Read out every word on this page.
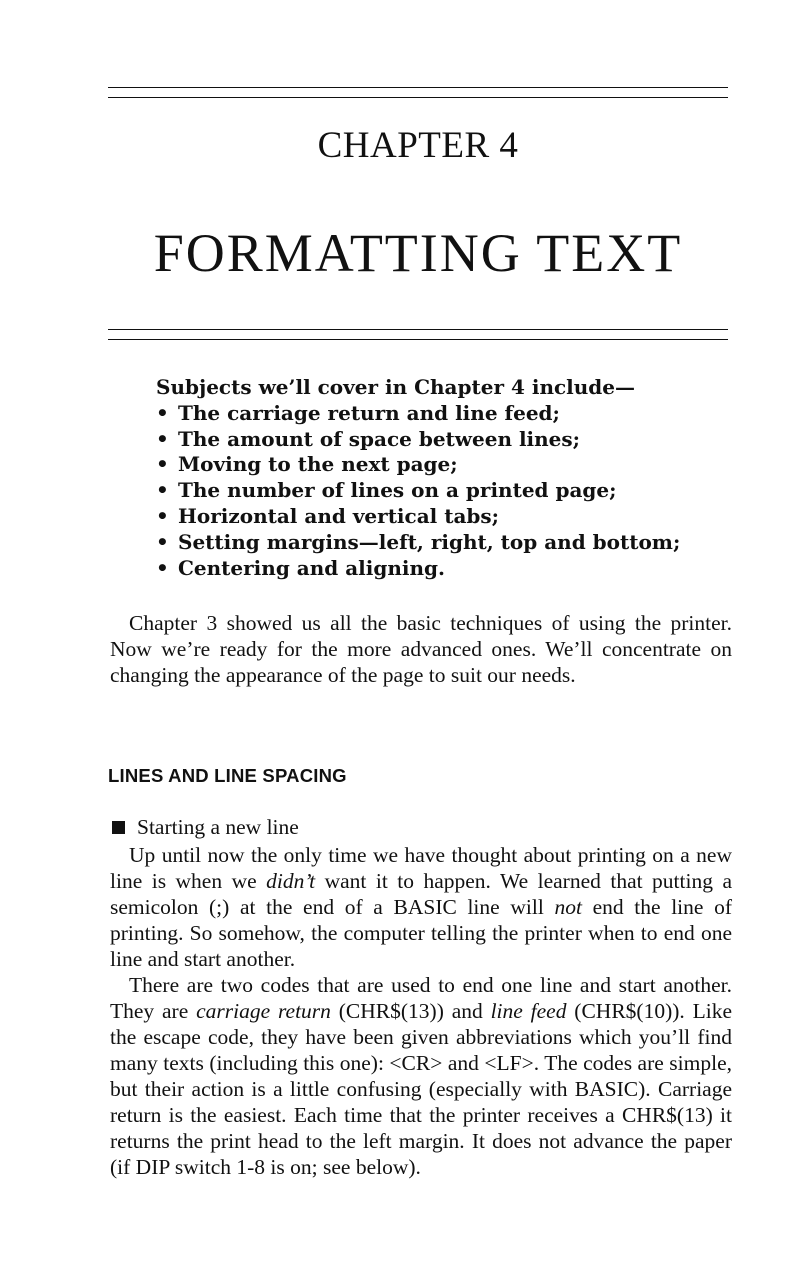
CHAPTER 4
FORMATTING TEXT
Subjects we’ll cover in Chapter 4 include—
• The carriage return and line feed;
• The amount of space between lines;
• Moving to the next page;
• The number of lines on a printed page;
• Horizontal and vertical tabs;
• Setting margins—left, right, top and bottom;
• Centering and aligning.

Chapter 3 showed us all the basic techniques of using the printer. Now we’re ready for the more advanced ones. We’ll concentrate on changing the appearance of the page to suit our needs.

LINES AND LINE SPACING
Starting a new line

Up until now the only time we have thought about printing on a new line is when we didn’t want it to happen. We learned that putting a semicolon (;) at the end of a BASIC line will not end the line of printing. So somehow, the computer telling the printer when to end one line and start another.

There are two codes that are used to end one line and start another. They are carriage return (CHR$(13)) and line feed (CHR$(10)). Like the escape code, they have been given abbreviations which you’ll find many texts (including this one): <CR> and <LF>. The codes are simple, but their action is a little confusing (especially with BASIC). Carriage return is the easiest. Each time that the printer receives a CHR$(13) it returns the print head to the left margin. It does not advance the paper (if DIP switch 1-8 is on; see below).
